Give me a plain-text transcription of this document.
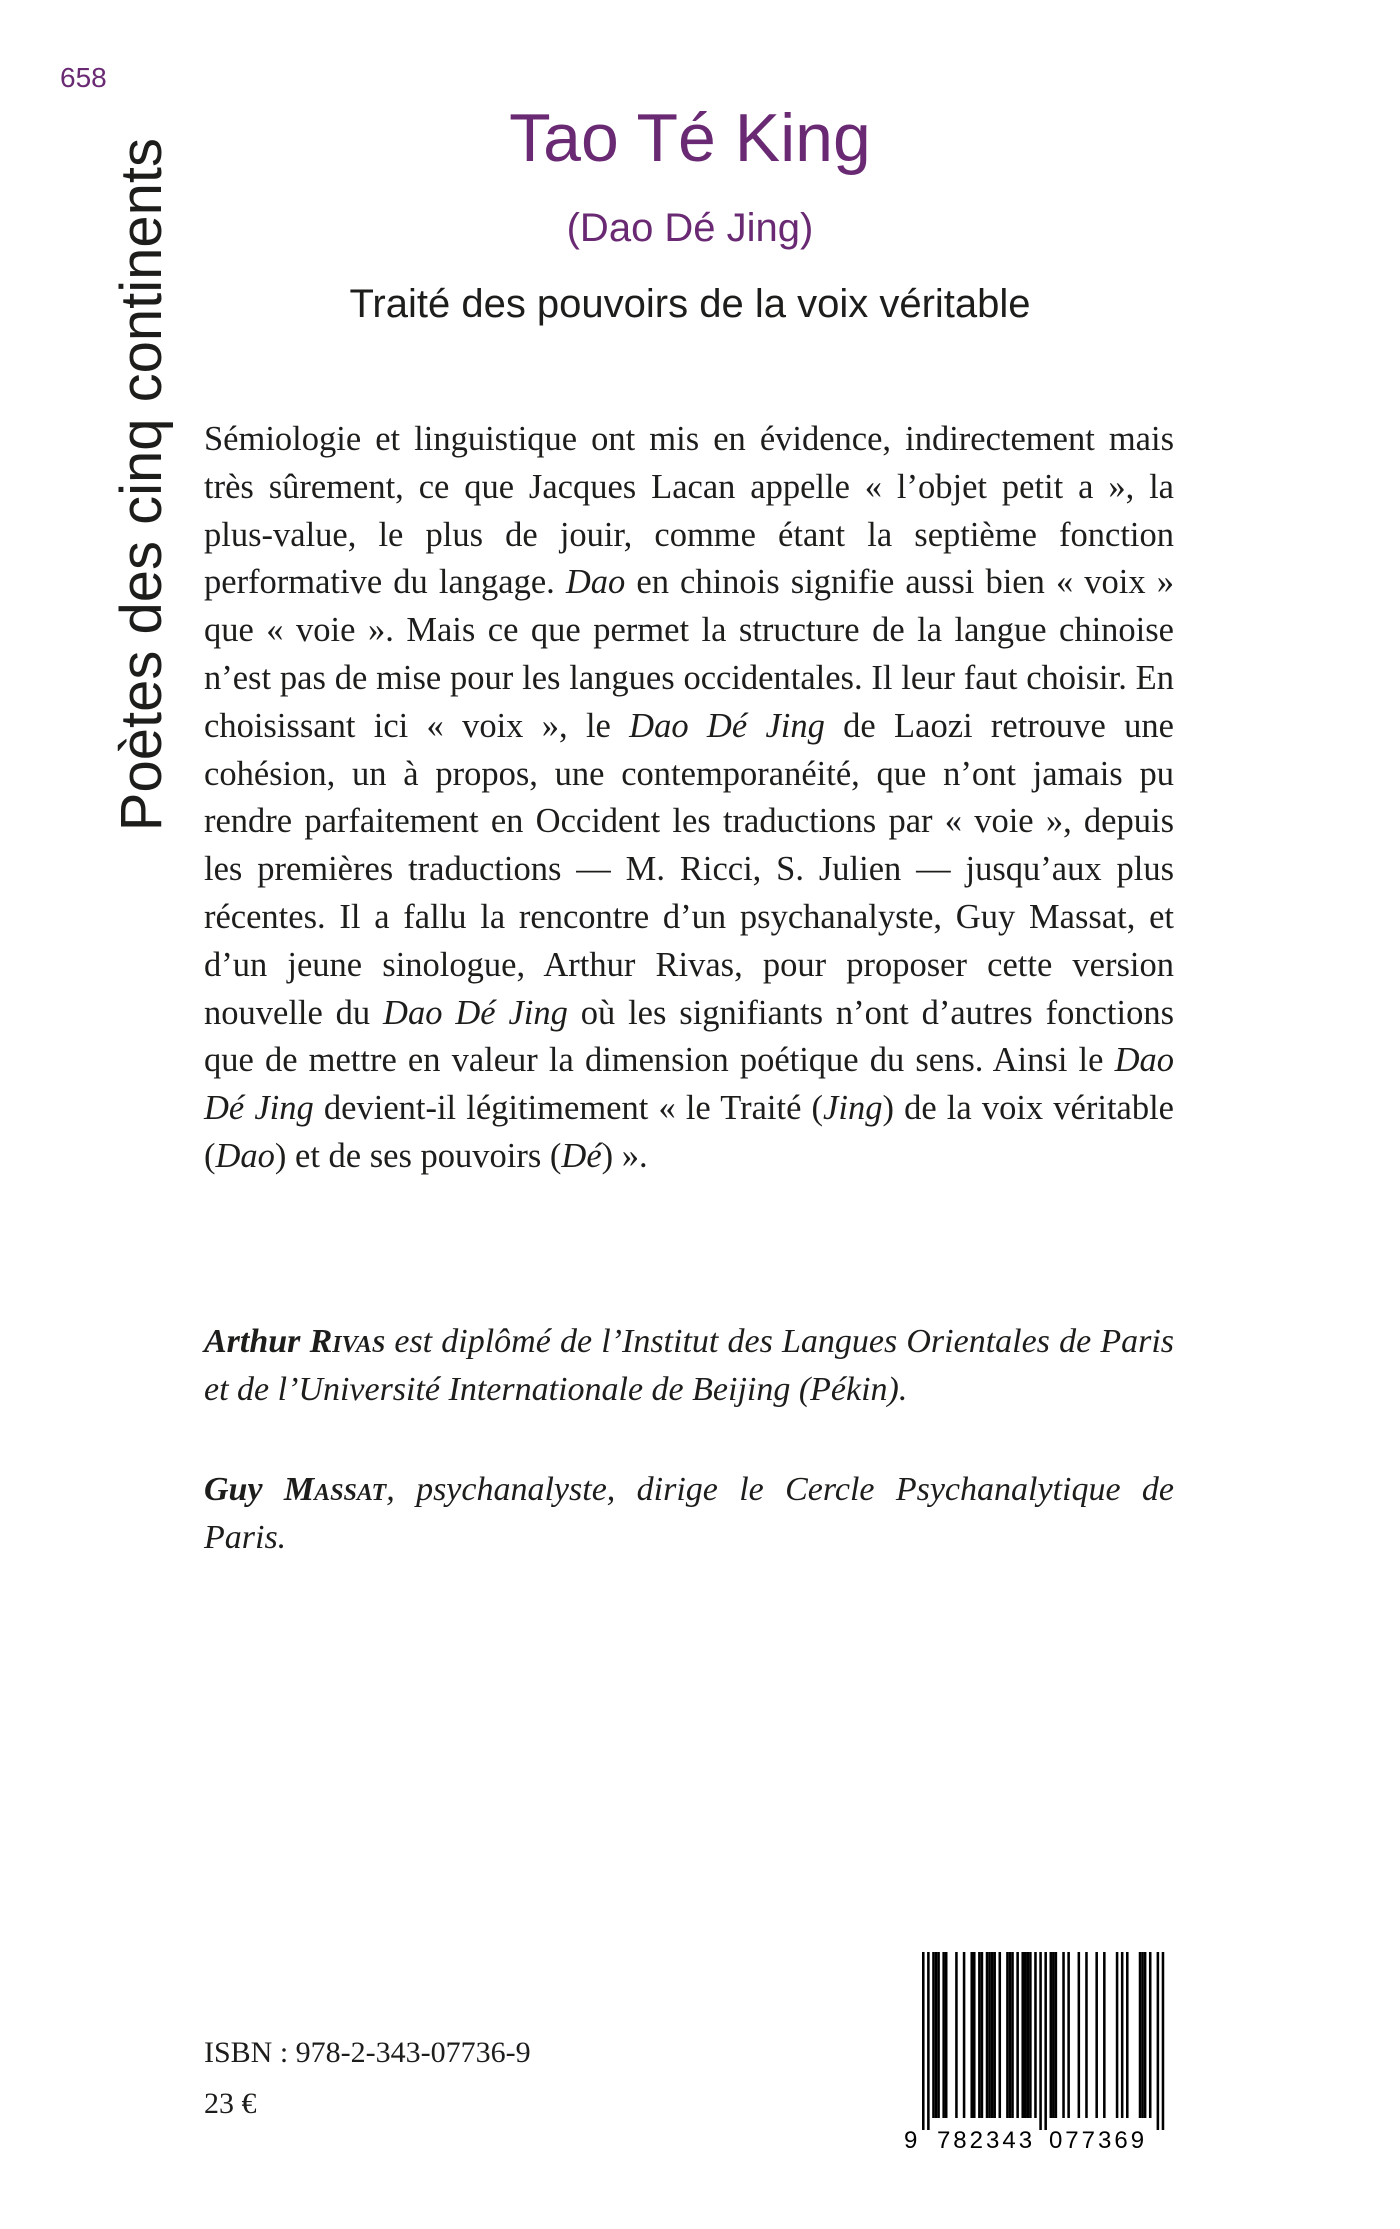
658
Poètes des cinq continents	Tao Té King
(Dao Dé Jing)
Traité des pouvoirs de la voix véritable

Sémiologie et linguistique ont mis en évidence, indirectement mais très sûrement, ce que Jacques Lacan appelle « l’objet petit a », la plus-value, le plus de jouir, comme étant la septième fonction performative du langage. Dao en chinois signifie aussi bien « voix » que « voie ». Mais ce que permet la structure de la langue chinoise n’est pas de mise pour les langues occidentales. Il leur faut choisir. En choisissant ici « voix », le Dao Dé Jing de Laozi retrouve une cohésion, un à propos, une contemporanéité, que n’ont jamais pu rendre parfaitement en Occident les traductions par « voie », depuis les premières traductions — M. Ricci, S. Julien — jusqu’aux plus récentes. Il a fallu la rencontre d’un psychanalyste, Guy Massat, et d’un jeune sinologue, Arthur Rivas, pour proposer cette version nouvelle du Dao Dé Jing où les signifiants n’ont d’autres fonctions que de mettre en valeur la dimension poétique du sens. Ainsi le Dao Dé Jing devient-il légitimement « le Traité (Jing) de la voix véritable (Dao) et de ses pouvoirs (Dé) ».

Arthur Rivas est diplômé de l’Institut des Langues Orientales de Paris et de l’Université Internationale de Beijing (Pékin).

Guy Massat, psychanalyste, dirige le Cercle Psychanalytique de Paris.

ISBN : 978-2-343-07736-9
23 €
9 782343 077369
